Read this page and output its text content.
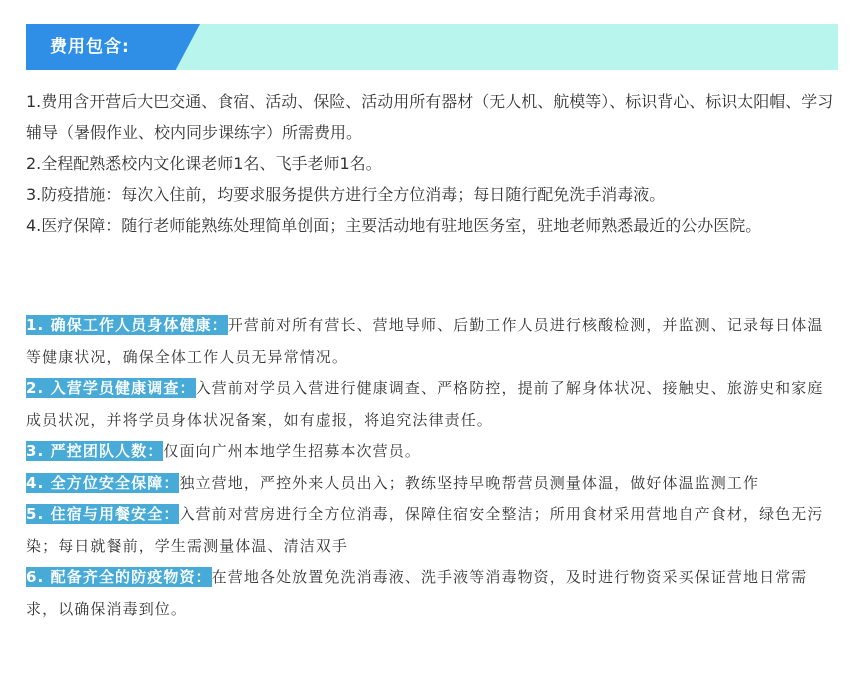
费用包含:

1.费用含开营后大巴交通、食宿、活动、保险、活动用所有器材（无人机、航模等）、标识背心、标识太阳帽、学习辅导（暑假作业、校内同步课练字）所需费用。

2.全程配熟悉校内文化课老师1名、飞手老师1名。

3.防疫措施：每次入住前，均要求服务提供方进行全方位消毒；每日随行配免洗手消毒液。

4.医疗保障：随行老师能熟练处理简单创面；主要活动地有驻地医务室，驻地老师熟悉最近的公办医院。

1. 确保工作人员身体健康：开营前对所有营长、营地导师、后勤工作人员进行核酸检测，并监测、记录每日体温等健康状况，确保全体工作人员无异常情况。

2. 入营学员健康调查：入营前对学员入营进行健康调查、严格防控，提前了解身体状况、接触史、旅游史和家庭成员状况，并将学员身体状况备案，如有虚报，将追究法律责任。

3. 严控团队人数：仅面向广州本地学生招募本次营员。

4. 全方位安全保障：独立营地，严控外来人员出入；教练坚持早晚帮营员测量体温，做好体温监测工作

5. 住宿与用餐安全：入营前对营房进行全方位消毒，保障住宿安全整洁；所用食材采用营地自产食材，绿色无污染；每日就餐前，学生需测量体温、清洁双手

6. 配备齐全的防疫物资：在营地各处放置免洗消毒液、洗手液等消毒物资，及时进行物资采买保证营地日常需求，以确保消毒到位。
